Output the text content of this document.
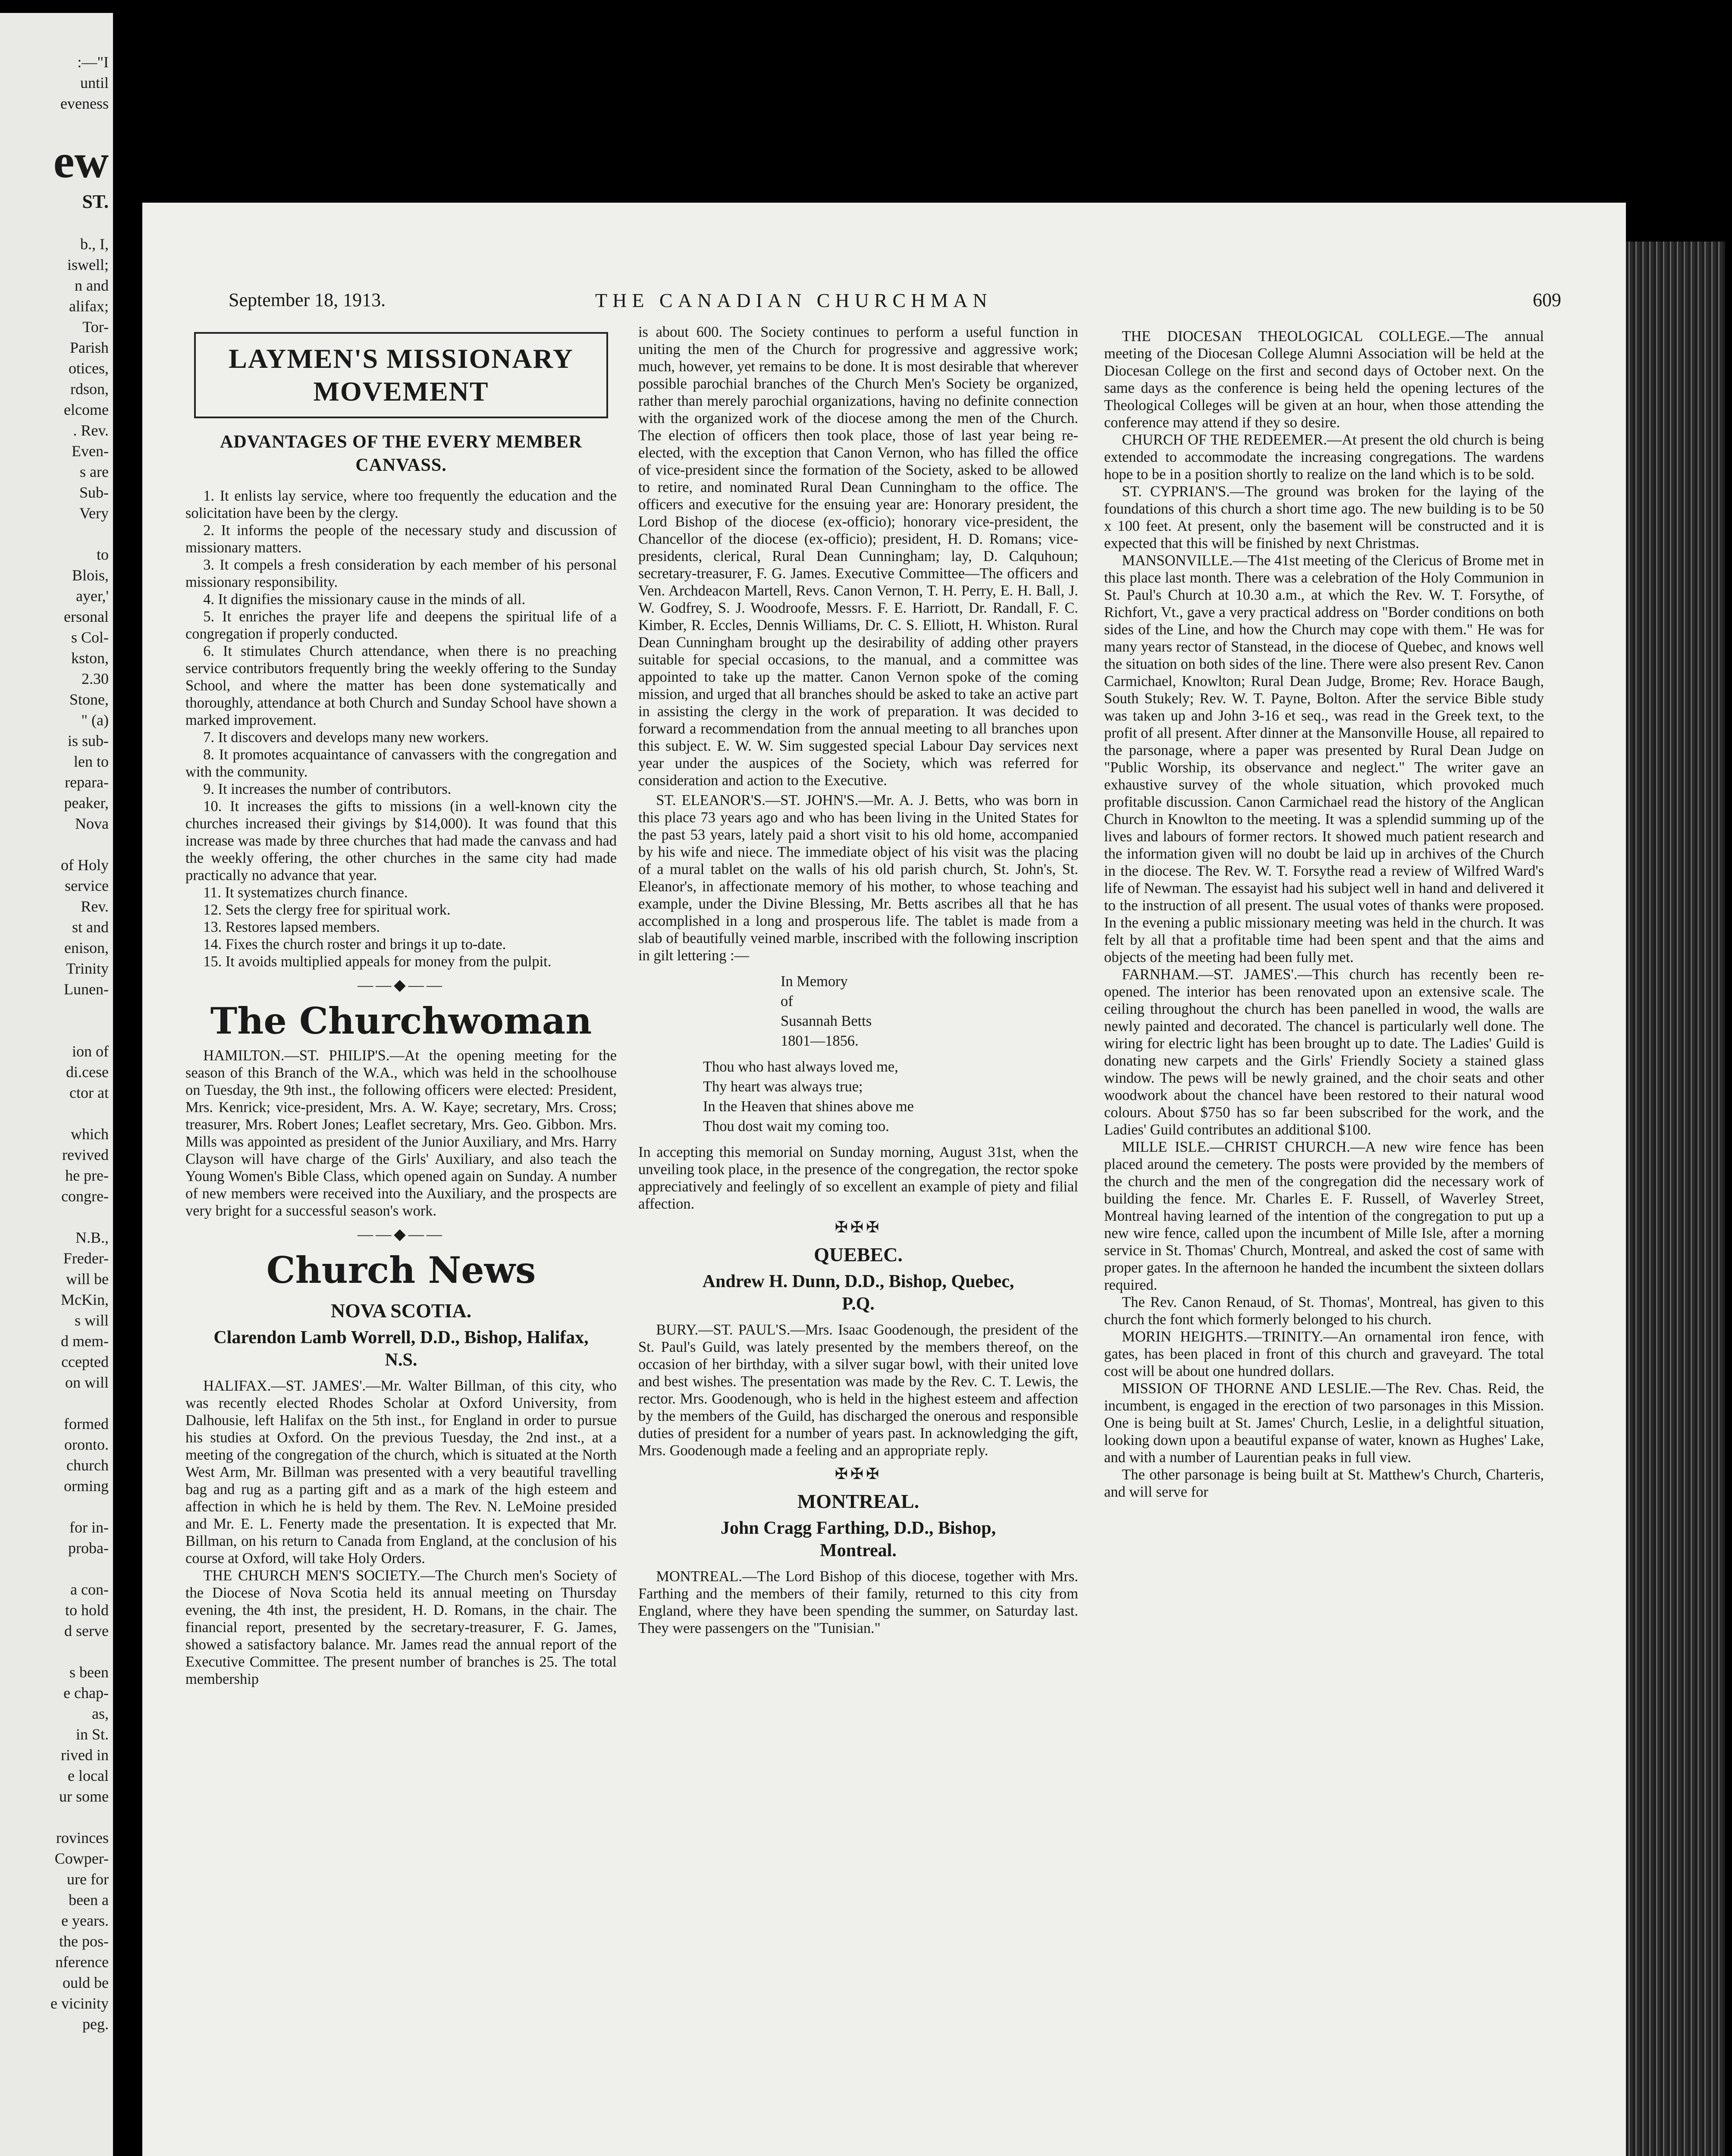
:—"I
until
eveness
ew
ST.
b., I,
iswell;
n and
alifax;
Tor-
Parish
otices,
rdson,
elcome
. Rev.
Even-
s are
Sub-
Very
to
Blois,
ayer,'
ersonal
s Col-
kston,
2.30
Stone,
" (a)
is sub-
len to
repara-
peaker,
Nova
of Holy
service
Rev.
st and
enison,
Trinity
Lunen-
ion of
di.cese
ctor at
which
revived
he pre-
congre-
N.B.,
Freder-
will be
McKin,
s will
d mem-
ccepted
on will
formed
oronto.
church
orming
for in-
proba-
a con-
to hold
d serve
s been
e chap-
as,
in St.
rived in
e local
ur some
rovinces
Cowper-
ure for
been a
e years.
the pos-
nference
ould be
e vicinity
peg.
September 18, 1913.	THE CANADIAN CHURCHMAN	609
LAYMEN'S MISSIONARY MOVEMENT
ADVANTAGES OF THE EVERY MEMBER CANVASS.

1. It enlists lay service, where too frequently the education and the solicitation have been by the clergy.

2. It informs the people of the necessary study and discussion of missionary matters.

3. It compels a fresh consideration by each member of his personal missionary responsibility.

4. It dignifies the missionary cause in the minds of all.

5. It enriches the prayer life and deepens the spiritual life of a congregation if properly conducted.

6. It stimulates Church attendance, when there is no preaching service contributors frequently bring the weekly offering to the Sunday School, and where the matter has been done systematically and thoroughly, attendance at both Church and Sunday School have shown a marked improvement.

7. It discovers and develops many new workers.

8. It promotes acquaintance of canvassers with the congregation and with the community.

9. It increases the number of contributors.

10. It increases the gifts to missions (in a well-known city the churches increased their givings by $14,000). It was found that this increase was made by three churches that had made the canvass and had the weekly offering, the other churches in the same city had made practically no advance that year.

11. It systematizes church finance.

12. Sets the clergy free for spiritual work.

13. Restores lapsed members.

14. Fixes the church roster and brings it up to-date.

15. It avoids multiplied appeals for money from the pulpit.

——◆——
The Churchwoman

HAMILTON.—ST. PHILIP'S.—At the opening meeting for the season of this Branch of the W.A., which was held in the schoolhouse on Tuesday, the 9th inst., the following officers were elected: President, Mrs. Kenrick; vice-president, Mrs. A. W. Kaye; secretary, Mrs. Cross; treasurer, Mrs. Robert Jones; Leaflet secretary, Mrs. Geo. Gibbon. Mrs. Mills was appointed as president of the Junior Auxiliary, and Mrs. Harry Clayson will have charge of the Girls' Auxiliary, and also teach the Young Women's Bible Class, which opened again on Sunday. A number of new members were received into the Auxiliary, and the prospects are very bright for a successful season's work.

——◆——
Church News
NOVA SCOTIA.
Clarendon Lamb Worrell, D.D., Bishop, Halifax, N.S.

HALIFAX.—ST. JAMES'.—Mr. Walter Billman, of this city, who was recently elected Rhodes Scholar at Oxford University, from Dalhousie, left Halifax on the 5th inst., for England in order to pursue his studies at Oxford. On the previous Tuesday, the 2nd inst., at a meeting of the congregation of the church, which is situated at the North West Arm, Mr. Billman was presented with a very beautiful travelling bag and rug as a parting gift and as a mark of the high esteem and affection in which he is held by them. The Rev. N. LeMoine presided and Mr. E. L. Fenerty made the presentation. It is expected that Mr. Billman, on his return to Canada from England, at the conclusion of his course at Oxford, will take Holy Orders.

THE CHURCH MEN'S SOCIETY.—The Church men's Society of the Diocese of Nova Scotia held its annual meeting on Thursday evening, the 4th inst, the president, H. D. Romans, in the chair. The financial report, presented by the secretary-treasurer, F. G. James, showed a satisfactory balance. Mr. James read the annual report of the Executive Committee. The present number of branches is 25. The total membership

is about 600. The Society continues to perform a useful function in uniting the men of the Church for progressive and aggressive work; much, however, yet remains to be done. It is most desirable that wherever possible parochial branches of the Church Men's Society be organized, rather than merely parochial organizations, having no definite connection with the organized work of the diocese among the men of the Church. The election of officers then took place, those of last year being re-elected, with the exception that Canon Vernon, who has filled the office of vice-president since the formation of the Society, asked to be allowed to retire, and nominated Rural Dean Cunningham to the office. The officers and executive for the ensuing year are: Honorary president, the Lord Bishop of the diocese (ex-officio); honorary vice-president, the Chancellor of the diocese (ex-officio); president, H. D. Romans; vice-presidents, clerical, Rural Dean Cunningham; lay, D. Calquhoun; secretary-treasurer, F. G. James. Executive Committee—The officers and Ven. Archdeacon Martell, Revs. Canon Vernon, T. H. Perry, E. H. Ball, J. W. Godfrey, S. J. Woodroofe, Messrs. F. E. Harriott, Dr. Randall, F. C. Kimber, R. Eccles, Dennis Williams, Dr. C. S. Elliott, H. Whiston. Rural Dean Cunningham brought up the desirability of adding other prayers suitable for special occasions, to the manual, and a committee was appointed to take up the matter. Canon Vernon spoke of the coming mission, and urged that all branches should be asked to take an active part in assisting the clergy in the work of preparation. It was decided to forward a recommendation from the annual meeting to all branches upon this subject. E. W. W. Sim suggested special Labour Day services next year under the auspices of the Society, which was referred for consideration and action to the Executive.

ST. ELEANOR'S.—ST. JOHN'S.—Mr. A. J. Betts, who was born in this place 73 years ago and who has been living in the United States for the past 53 years, lately paid a short visit to his old home, accompanied by his wife and niece. The immediate object of his visit was the placing of a mural tablet on the walls of his old parish church, St. John's, St. Eleanor's, in affectionate memory of his mother, to whose teaching and example, under the Divine Blessing, Mr. Betts ascribes all that he has accomplished in a long and prosperous life. The tablet is made from a slab of beautifully veined marble, inscribed with the following inscription in gilt lettering :—

In Memory
of
Susannah Betts
1801—1856.
Thou who hast always loved me,
Thy heart was always true;
In the Heaven that shines above me
Thou dost wait my coming too.

In accepting this memorial on Sunday morning, August 31st, when the unveiling took place, in the presence of the congregation, the rector spoke appreciatively and feelingly of so excellent an example of piety and filial affection.

✠✠✠
QUEBEC.
Andrew H. Dunn, D.D., Bishop, Quebec, P.Q.

BURY.—ST. PAUL'S.—Mrs. Isaac Goodenough, the president of the St. Paul's Guild, was lately presented by the members thereof, on the occasion of her birthday, with a silver sugar bowl, with their united love and best wishes. The presentation was made by the Rev. C. T. Lewis, the rector. Mrs. Goodenough, who is held in the highest esteem and affection by the members of the Guild, has discharged the onerous and responsible duties of president for a number of years past. In acknowledging the gift, Mrs. Goodenough made a feeling and an appropriate reply.

✠✠✠
MONTREAL.
John Cragg Farthing, D.D., Bishop, Montreal.

MONTREAL.—The Lord Bishop of this diocese, together with Mrs. Farthing and the members of their family, returned to this city from England, where they have been spending the summer, on Saturday last. They were passengers on the "Tunisian."

THE DIOCESAN THEOLOGICAL COLLEGE.—The annual meeting of the Diocesan College Alumni Association will be held at the Diocesan College on the first and second days of October next. On the same days as the conference is being held the opening lectures of the Theological Colleges will be given at an hour, when those attending the conference may attend if they so desire.

CHURCH OF THE REDEEMER.—At present the old church is being extended to accommodate the increasing congregations. The wardens hope to be in a position shortly to realize on the land which is to be sold.

ST. CYPRIAN'S.—The ground was broken for the laying of the foundations of this church a short time ago. The new building is to be 50 x 100 feet. At present, only the basement will be constructed and it is expected that this will be finished by next Christmas.

MANSONVILLE.—The 41st meeting of the Clericus of Brome met in this place last month. There was a celebration of the Holy Communion in St. Paul's Church at 10.30 a.m., at which the Rev. W. T. Forsythe, of Richfort, Vt., gave a very practical address on "Border conditions on both sides of the Line, and how the Church may cope with them." He was for many years rector of Stanstead, in the diocese of Quebec, and knows well the situation on both sides of the line. There were also present Rev. Canon Carmichael, Knowlton; Rural Dean Judge, Brome; Rev. Horace Baugh, South Stukely; Rev. W. T. Payne, Bolton. After the service Bible study was taken up and John 3-16 et seq., was read in the Greek text, to the profit of all present. After dinner at the Mansonville House, all repaired to the parsonage, where a paper was presented by Rural Dean Judge on "Public Worship, its observance and neglect." The writer gave an exhaustive survey of the whole situation, which provoked much profitable discussion. Canon Carmichael read the history of the Anglican Church in Knowlton to the meeting. It was a splendid summing up of the lives and labours of former rectors. It showed much patient research and the information given will no doubt be laid up in archives of the Church in the diocese. The Rev. W. T. Forsythe read a review of Wilfred Ward's life of Newman. The essayist had his subject well in hand and delivered it to the instruction of all present. The usual votes of thanks were proposed. In the evening a public missionary meeting was held in the church. It was felt by all that a profitable time had been spent and that the aims and objects of the meeting had been fully met.

FARNHAM.—ST. JAMES'.—This church has recently been re-opened. The interior has been renovated upon an extensive scale. The ceiling throughout the church has been panelled in wood, the walls are newly painted and decorated. The chancel is particularly well done. The wiring for electric light has been brought up to date. The Ladies' Guild is donating new carpets and the Girls' Friendly Society a stained glass window. The pews will be newly grained, and the choir seats and other woodwork about the chancel have been restored to their natural wood colours. About $750 has so far been subscribed for the work, and the Ladies' Guild contributes an additional $100.

MILLE ISLE.—CHRIST CHURCH.—A new wire fence has been placed around the cemetery. The posts were provided by the members of the church and the men of the congregation did the necessary work of building the fence. Mr. Charles E. F. Russell, of Waverley Street, Montreal having learned of the intention of the congregation to put up a new wire fence, called upon the incumbent of Mille Isle, after a morning service in St. Thomas' Church, Montreal, and asked the cost of same with proper gates. In the afternoon he handed the incumbent the sixteen dollars required.

The Rev. Canon Renaud, of St. Thomas', Montreal, has given to this church the font which formerly belonged to his church.

MORIN HEIGHTS.—TRINITY.—An ornamental iron fence, with gates, has been placed in front of this church and graveyard. The total cost will be about one hundred dollars.

MISSION OF THORNE AND LESLIE.—The Rev. Chas. Reid, the incumbent, is engaged in the erection of two parsonages in this Mission. One is being built at St. James' Church, Leslie, in a delightful situation, looking down upon a beautiful expanse of water, known as Hughes' Lake, and with a number of Laurentian peaks in full view.

The other parsonage is being built at St. Matthew's Church, Charteris, and will serve for
